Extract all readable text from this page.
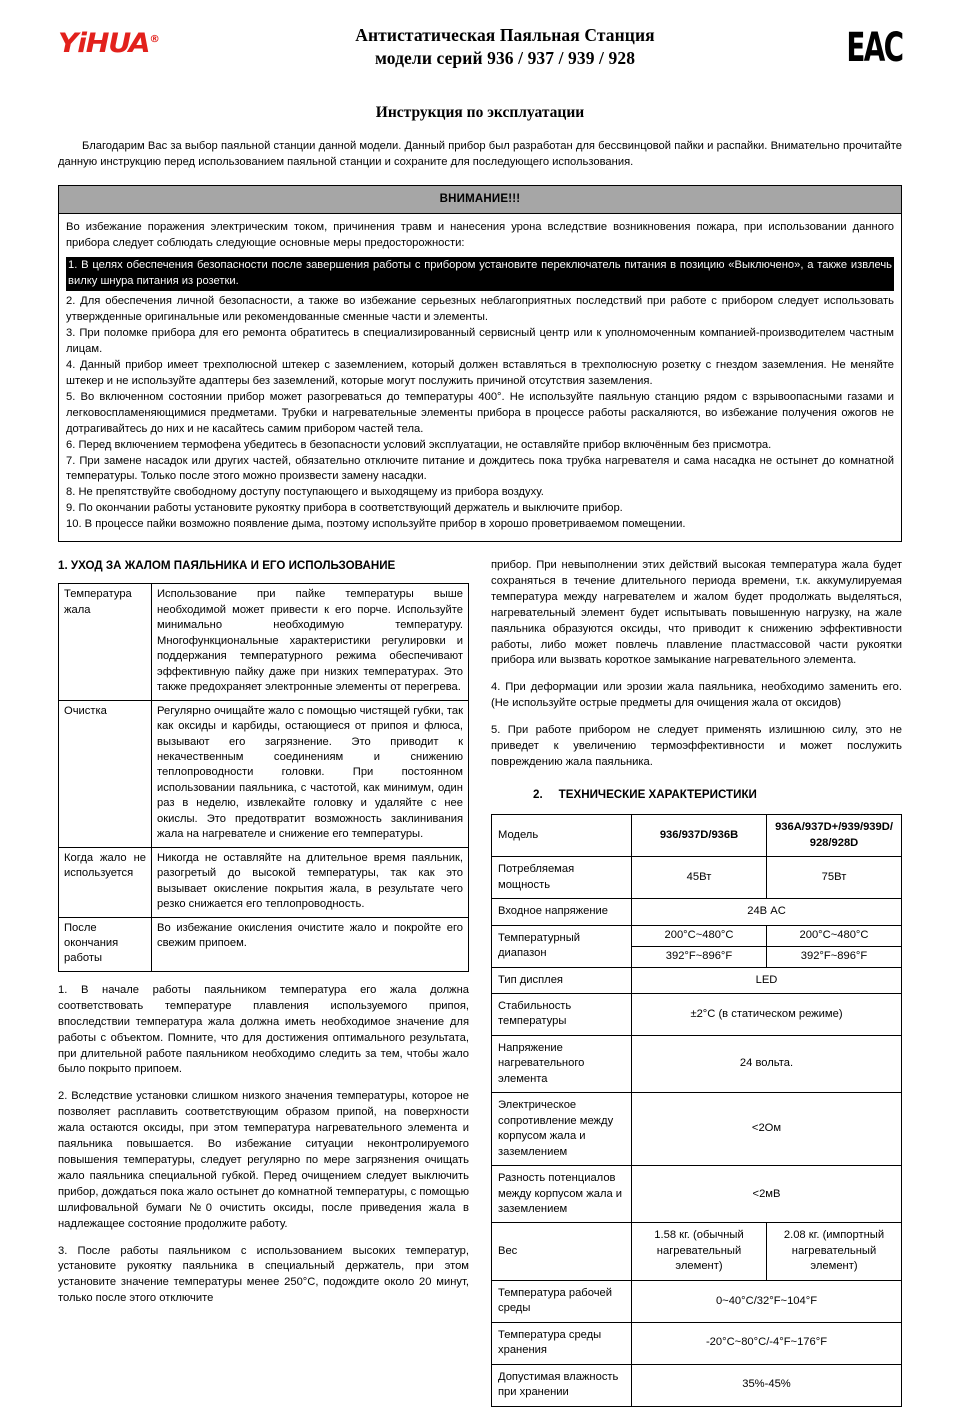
YiHUA®	Антистатическая Паяльная Станция
модели серий 936 / 937 / 939 / 928	EAC
Инструкция по эксплуатации
Благодарим Вас за выбор паяльной станции данной модели. Данный прибор был разработан для бессвинцовой пайки и распайки. Внимательно прочитайте данную инструкцию перед использованием паяльной станции и сохраните для последующего использования.
ВНИМАНИЕ!!!
Во избежание поражения электрическим током, причинения травм и нанесения урона вследствие возникновения пожара, при использовании данного прибора следует соблюдать следующие основные меры предосторожности:
1. В целях обеспечения безопасности после завершения работы с прибором установите переключатель питания в позицию «Выключено», а также извлечь вилку шнура питания из розетки.
2. Для обеспечения личной безопасности, а также во избежание серьезных неблагоприятных последствий при работе с прибором следует использовать утвержденные оригинальные или рекомендованные сменные части и элементы.
3. При поломке прибора для его ремонта обратитесь в специализированный сервисный центр или к уполномоченным компанией-производителем частным лицам.
4. Данный прибор имеет трехполюсной штекер с заземлением, который должен вставляться в трехполюсную розетку с гнездом заземления. Не меняйте штекер и не используйте адаптеры без заземлений, которые могут послужить причиной отсутствия заземления.
5. Во включенном состоянии прибор может разогреваться до температуры 400°. Не используйте паяльную станцию рядом с взрывоопасными газами и легковоспламеняющимися предметами. Трубки и нагревательные элементы прибора в процессе работы раскаляются, во избежание получения ожогов не дотрагивайтесь до них и не касайтесь самим прибором частей тела.
6. Перед включением термофена убедитесь в безопасности условий эксплуатации, не оставляйте прибор включённым без присмотра.
7. При замене насадок или других частей, обязательно отключите питание и дождитесь пока трубка нагревателя и сама насадка не остынет до комнатной температуры. Только после этого можно произвести замену насадки.
8. Не препятствуйте свободному доступу поступающего и выходящему из прибора воздуху.
9. По окончании работы установите рукоятку прибора в соответствующий держатель и выключите прибор.
10. В процессе пайки возможно появление дыма, поэтому используйте прибор в хорошо проветриваемом помещении.
1. УХОД ЗА ЖАЛОМ ПАЯЛЬНИКА И ЕГО ИСПОЛЬЗОВАНИЕ
Температура жала	Использование при пайке температуры выше необходимой может привести к его порче. Используйте минимально необходимую температуру. Многофункциональные характеристики регулировки и поддержания температурного режима обеспечивают эффективную пайку даже при низких температурах. Это также предохраняет электронные элементы от перегрева.
Очистка	Регулярно очищайте жало с помощью чистящей губки, так как оксиды и карбиды, остающиеся от припоя и флюса, вызывают его загрязнение. Это приводит к некачественным соединениям и снижению теплопроводности головки. При постоянном использовании паяльника, с частотой, как минимум, один раз в неделю, извлекайте головку и удаляйте с нее окислы. Это предотвратит возможность заклинивания жала на нагревателе и снижение его температуры.
Когда жало не используется	Никогда не оставляйте на длительное время паяльник, разогретый до высокой температуры, так как это вызывает окисление покрытия жала, в результате чего резко снижается его теплопроводность.
После окончания работы	Во избежание окисления очистите жало и покройте его свежим припоем.
1. В начале работы паяльником температура его жала должна соответствовать температуре плавления используемого припоя, впоследствии температура жала должна иметь необходимое значение для работы с объектом. Помните, что для достижения оптимального результата, при длительной работе паяльником необходимо следить за тем, чтобы жало было покрыто припоем.
2. Вследствие установки слишком низкого значения температуры, которое не позволяет расплавить соответствующим образом припой, на поверхности жала остаются оксиды, при этом температура нагревательного элемента и паяльника повышается. Во избежание ситуации неконтролируемого повышения температуры, следует регулярно по мере загрязнения очищать жало паяльника специальной губкой. Перед очищением следует выключить прибор, дождаться пока жало остынет до комнатной температуры, с помощью шлифовальной бумаги №0 очистить оксиды, после приведения жала в надлежащее состояние продолжите работу.
3. После работы паяльником с использованием высоких температур, установите рукоятку паяльника в специальный держатель, при этом установите значение температуры менее 250°C, подождите около 20 минут, только после этого отключите
прибор. При невыполнении этих действий высокая температура жала будет сохраняться в течение длительного периода времени, т.к. аккумулируемая температура между нагревателем и жалом будет продолжать выделяться, нагревательный элемент будет испытывать повышенную нагрузку, на жале паяльника образуются оксиды, что приводит к снижению эффективности работы, либо может повлечь плавление пластмассовой части рукоятки прибора или вызвать короткое замыкание нагревательного элемента.
4. При деформации или эрозии жала паяльника, необходимо заменить его. (Не используйте острые предметы для очищения жала от оксидов)
5. При работе прибором не следует применять излишнюю силу, это не приведет к увеличению термоэффективности и может послужить повреждению жала паяльника.
2. ТЕХНИЧЕСКИЕ ХАРАКТЕРИСТИКИ
Модель	936/937D/936B	936A/937D+/939/939D/ 928/928D
Потребляемая мощность	45Вт	75Вт
Входное напряжение	24В AC	
Температурный диапазон	200°C~480°C	200°C~480°C
	392°F~896°F	392°F~896°F
Тип дисплея	LED	
Стабильность температуры	±2°C (в статическом режиме)	
Напряжение нагревательного элемента	24 вольта.	
Электрическое сопротивление между корпусом жала и заземлением	<2Ом	
Разность потенциалов между корпусом жала и заземлением	<2мВ	
Вес	1.58 кг. (обычный нагревательный элемент)	2.08 кг. (импортный нагревательный элемент)
Температура рабочей среды	0~40°C/32°F~104°F	
Температура среды хранения	-20°C~80°C/-4°F~176°F	
Допустимая влажность при хранении	35%-45%	
